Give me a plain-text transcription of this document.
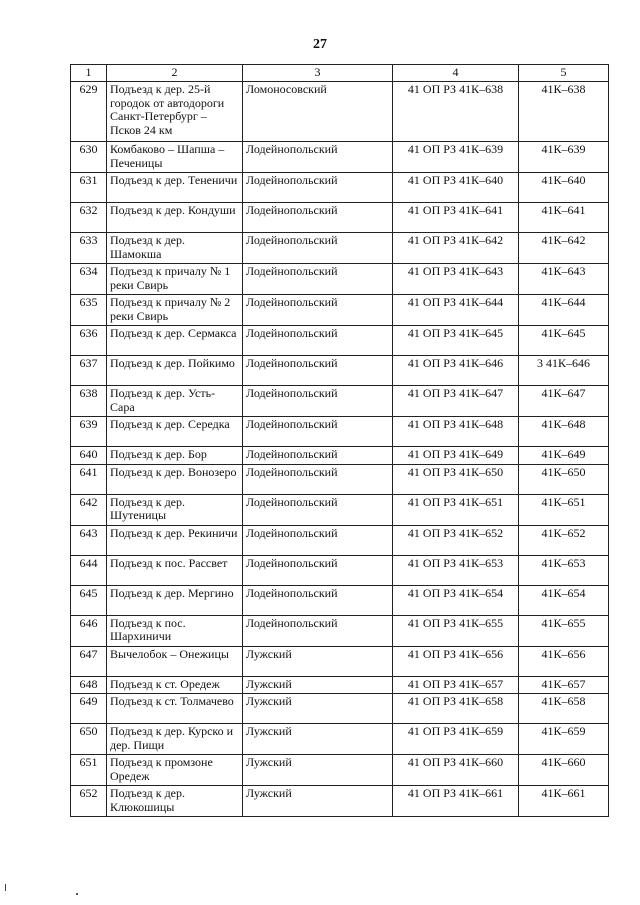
27
1	2	3	4	5
629	Подъезд к дер. 25-й городок от автодороги Санкт-Петербург – Псков 24 км	Ломоносовский	41 ОП РЗ 41К–638	41К–638
630	Комбаково – Шапша – Печеницы	Лодейнопольский	41 ОП РЗ 41К–639	41К–639
631	Подъезд к дер. Тененичи	Лодейнопольский	41 ОП РЗ 41К–640	41К–640
632	Подъезд к дер. Кондуши	Лодейнопольский	41 ОП РЗ 41К–641	41К–641
633	Подъезд к дер. Шамокша	Лодейнопольский	41 ОП РЗ 41К–642	41К–642
634	Подъезд к причалу № 1 реки Свирь	Лодейнопольский	41 ОП РЗ 41К–643	41К–643
635	Подъезд к причалу № 2 реки Свирь	Лодейнопольский	41 ОП РЗ 41К–644	41К–644
636	Подъезд к дер. Сермакса	Лодейнопольский	41 ОП РЗ 41К–645	41К–645
637	Подъезд к дер. Пойкимо	Лодейнопольский	41 ОП РЗ 41К–646	3 41К–646
638	Подъезд к дер. Усть-Сара	Лодейнопольский	41 ОП РЗ 41К–647	41К–647
639	Подъезд к дер. Середка	Лодейнопольский	41 ОП РЗ 41К–648	41К–648
640	Подъезд к дер. Бор	Лодейнопольский	41 ОП РЗ 41К–649	41К–649
641	Подъезд к дер. Вонозеро	Лодейнопольский	41 ОП РЗ 41К–650	41К–650
642	Подъезд к дер. Шутеницы	Лодейнопольский	41 ОП РЗ 41К–651	41К–651
643	Подъезд к дер. Рекиничи	Лодейнопольский	41 ОП РЗ 41К–652	41К–652
644	Подъезд к пос. Рассвет	Лодейнопольский	41 ОП РЗ 41К–653	41К–653
645	Подъезд к дер. Мергино	Лодейнопольский	41 ОП РЗ 41К–654	41К–654
646	Подъезд к пос. Шархиничи	Лодейнопольский	41 ОП РЗ 41К–655	41К–655
647	Вычелобок – Онежицы	Лужский	41 ОП РЗ 41К–656	41К–656
648	Подъезд к ст. Оредеж	Лужский	41 ОП РЗ 41К–657	41К–657
649	Подъезд к ст. Толмачево	Лужский	41 ОП РЗ 41К–658	41К–658
650	Подъезд к дер. Курско и дер. Пищи	Лужский	41 ОП РЗ 41К–659	41К–659
651	Подъезд к промзоне Оредеж	Лужский	41 ОП РЗ 41К–660	41К–660
652	Подъезд к дер. Клюкошицы	Лужский	41 ОП РЗ 41К–661	41К–661
